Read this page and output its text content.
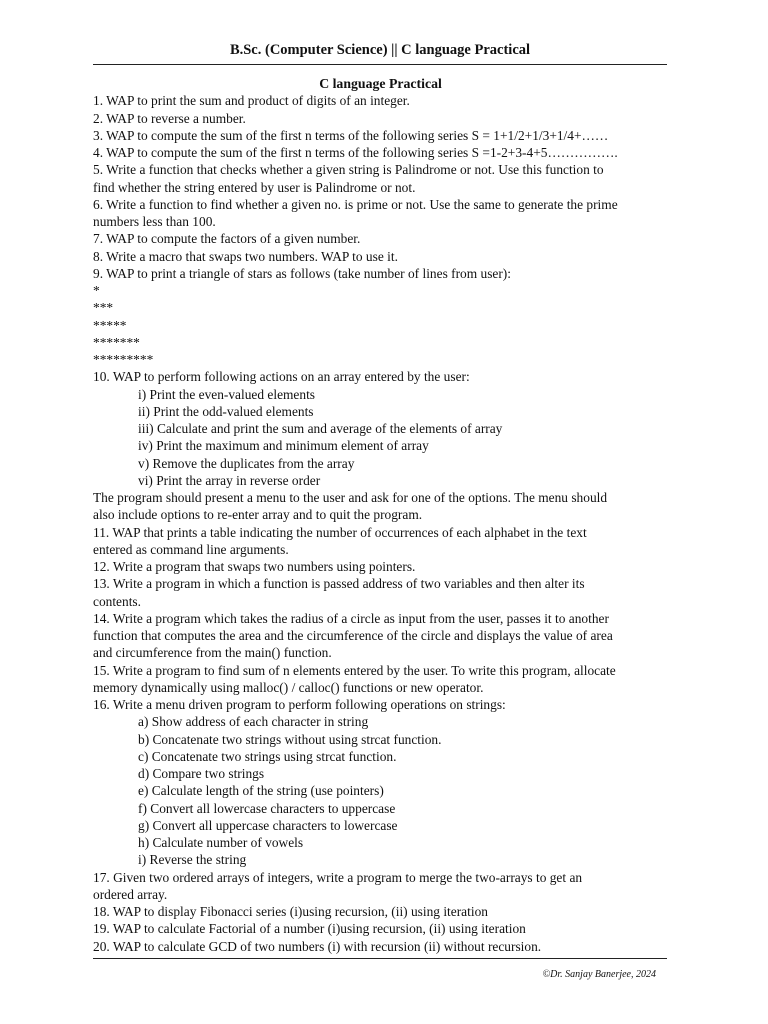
B.Sc. (Computer Science) || C language Practical
C language Practical
1. WAP to print the sum and product of digits of an integer.
2. WAP to reverse a number.
3. WAP to compute the sum of the first n terms of the following series S = 1+1/2+1/3+1/4+……
4. WAP to compute the sum of the first n terms of the following series S =1-2+3-4+5…………….
5. Write a function that checks whether a given string is Palindrome or not. Use this function to
find whether the string entered by user is Palindrome or not.
6. Write a function to find whether a given no. is prime or not. Use the same to generate the prime
numbers less than 100.
7. WAP to compute the factors of a given number.
8. Write a macro that swaps two numbers. WAP to use it.
9. WAP to print a triangle of stars as follows (take number of lines from user):
*
***
*****
*******
*********
10. WAP to perform following actions on an array entered by the user:
i) Print the even-valued elements
ii) Print the odd-valued elements
iii) Calculate and print the sum and average of the elements of array
iv) Print the maximum and minimum element of array
v) Remove the duplicates from the array
vi) Print the array in reverse order
The program should present a menu to the user and ask for one of the options. The menu should
also include options to re-enter array and to quit the program.
11. WAP that prints a table indicating the number of occurrences of each alphabet in the text
entered as command line arguments.
12. Write a program that swaps two numbers using pointers.
13. Write a program in which a function is passed address of two variables and then alter its
contents.
14. Write a program which takes the radius of a circle as input from the user, passes it to another
function that computes the area and the circumference of the circle and displays the value of area
and circumference from the main() function.
15. Write a program to find sum of n elements entered by the user. To write this program, allocate
memory dynamically using malloc() / calloc() functions or new operator.
16. Write a menu driven program to perform following operations on strings:
a) Show address of each character in string
b) Concatenate two strings without using strcat function.
c) Concatenate two strings using strcat function.
d) Compare two strings
e) Calculate length of the string (use pointers)
f) Convert all lowercase characters to uppercase
g) Convert all uppercase characters to lowercase
h) Calculate number of vowels
i) Reverse the string
17. Given two ordered arrays of integers, write a program to merge the two-arrays to get an
ordered array.
18. WAP to display Fibonacci series (i)using recursion, (ii) using iteration
19. WAP to calculate Factorial of a number (i)using recursion, (ii) using iteration
20. WAP to calculate GCD of two numbers (i) with recursion (ii) without recursion.
©Dr. Sanjay Banerjee, 2024
